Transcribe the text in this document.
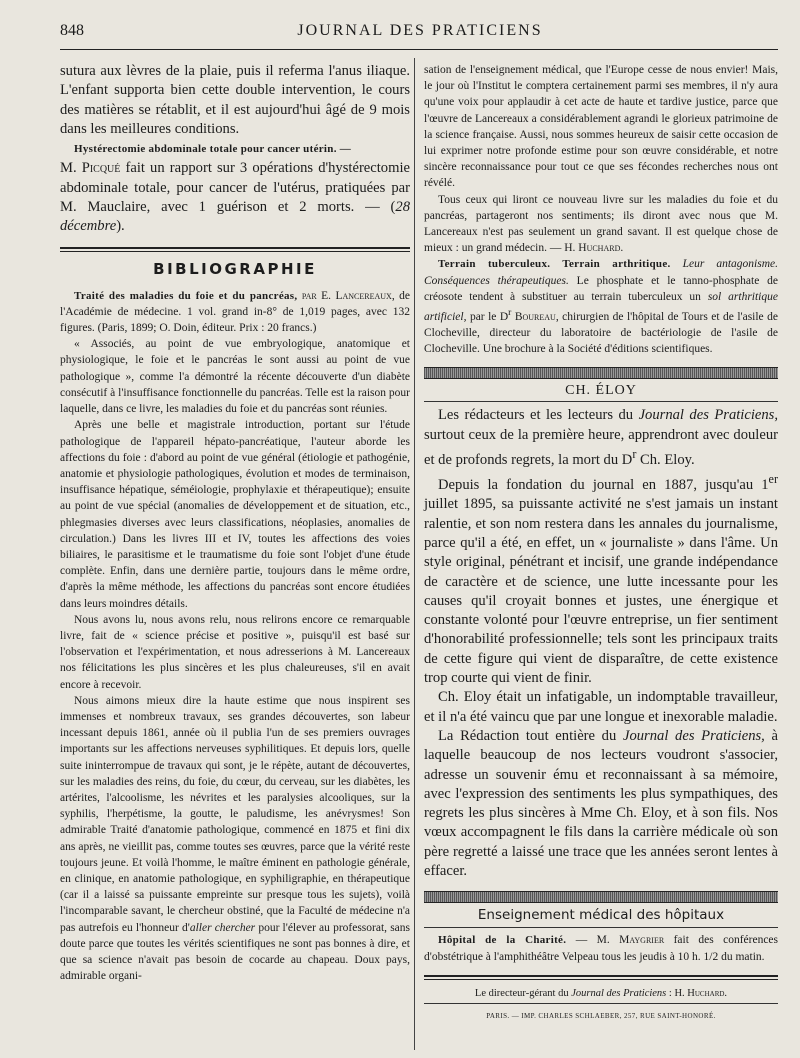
848	JOURNAL DES PRATICIENS

sutura aux lèvres de la plaie, puis il referma l'anus iliaque. L'enfant supporta bien cette double intervention, le cours des matières se rétablit, et il est aujourd'hui âgé de 9 mois dans les meilleures conditions.

Hystérectomie abdominale totale pour cancer utérin. —
M. Picqué fait un rapport sur 3 opérations d'hystérectomie abdominale totale, pour cancer de l'utérus, pratiquées par M. Mauclaire, avec 1 guérison et 2 morts. — (28 décembre).

BIBLIOGRAPHIE

Traité des maladies du foie et du pancréas, par E. Lancereaux, de l'Académie de médecine. 1 vol. grand in-8° de 1,019 pages, avec 132 figures. (Paris, 1899; O. Doin, éditeur. Prix : 20 francs.)

« Associés, au point de vue embryologique, anatomique et physiologique, le foie et le pancréas le sont aussi au point de vue pathologique », comme l'a démontré la récente découverte d'un diabète consécutif à l'insuffisance fonctionnelle du pancréas. Telle est la raison pour laquelle, dans ce livre, les maladies du foie et du pancréas sont réunies.

Après une belle et magistrale introduction, portant sur l'étude pathologique de l'appareil hépato-pancréatique, l'auteur aborde les affections du foie : d'abord au point de vue général (étiologie et pathogénie, anatomie et physiologie pathologiques, évolution et modes de terminaison, insuffisance hépatique, séméiologie, prophylaxie et thérapeutique); ensuite au point de vue spécial (anomalies de développement et de situation, etc., phlegmasies diverses avec leurs classifications, néoplasies, anomalies de circulation.) Dans les livres III et IV, toutes les affections des voies biliaires, le parasitisme et le traumatisme du foie sont l'objet d'une étude complète. Enfin, dans une dernière partie, toujours dans le même ordre, d'après la même méthode, les affections du pancréas sont encore étudiées dans leurs moindres détails.

Nous avons lu, nous avons relu, nous relirons encore ce remarquable livre, fait de « science précise et positive », puisqu'il est basé sur l'observation et l'expérimentation, et nous adresserions à M. Lancereaux nos félicitations les plus sincères et les plus chaleureuses, s'il en avait encore à recevoir.

Nous aimons mieux dire la haute estime que nous inspirent ses immenses et nombreux travaux, ses grandes découvertes, son labeur incessant depuis 1861, année où il publia l'un de ses premiers ouvrages importants sur les affections nerveuses syphilitiques. Et depuis lors, quelle suite ininterrompue de travaux qui sont, je le répète, autant de découvertes, sur les maladies des reins, du foie, du cœur, du cerveau, sur les diabètes, les artérites, l'alcoolisme, les névrites et les paralysies alcooliques, sur la syphilis, l'herpétisme, la goutte, le paludisme, les anévrysmes! Son admirable Traité d'anatomie pathologique, commencé en 1875 et fini dix ans après, ne vieillit pas, comme toutes ses œuvres, parce que la vérité reste toujours jeune. Et voilà l'homme, le maître éminent en pathologie générale, en clinique, en anatomie pathologique, en syphiligraphie, en thérapeutique (car il a laissé sa puissante empreinte sur presque tous les sujets), voilà l'incomparable savant, le chercheur obstiné, que la Faculté de médecine n'a pas autrefois eu l'honneur d'aller chercher pour l'élever au professorat, sans doute parce que toutes les vérités scientifiques ne sont pas bonnes à dire, et que sa science n'avait pas besoin de cocarde au chapeau. Doux pays, admirable organi-

sation de l'enseignement médical, que l'Europe cesse de nous envier! Mais, le jour où l'Institut le comptera certainement parmi ses membres, il n'y aura qu'une voix pour applaudir à cet acte de haute et tardive justice, parce que l'œuvre de Lancereaux a considérablement agrandi le glorieux patrimoine de la science française. Aussi, nous sommes heureux de saisir cette occasion de lui exprimer notre profonde estime pour son œuvre considérable, et notre sincère reconnaissance pour tout ce que ses fécondes recherches nous ont révélé.

Tous ceux qui liront ce nouveau livre sur les maladies du foie et du pancréas, partageront nos sentiments; ils diront avec nous que M. Lancereaux n'est pas seulement un grand savant. Il est quelque chose de mieux : un grand médecin. — H. Huchard.

Terrain tuberculeux. Terrain arthritique. Leur antagonisme. Conséquences thérapeutiques. Le phosphate et le tanno-phosphate de créosote tendent à substituer au terrain tuberculeux un sol arthritique artificiel, par le $D^r$ Boureau, chirurgien de l'hôpital de Tours et de l'asile de Clocheville, directeur du laboratoire de bactériologie de l'asile de Clocheville. Une brochure à la Société d'éditions scientifiques.

CH. ÉLOY

Les rédacteurs et les lecteurs du Journal des Praticiens, surtout ceux de la première heure, apprendront avec douleur et de profonds regrets, la mort du $D^r$ Ch. Eloy.

Depuis la fondation du journal en 1887, jusqu'au 1er juillet 1895, sa puissante activité ne s'est jamais un instant ralentie, et son nom restera dans les annales du journalisme, parce qu'il a été, en effet, un « journaliste » dans l'âme. Un style original, pénétrant et incisif, une grande indépendance de caractère et de science, une lutte incessante pour les causes qu'il croyait bonnes et justes, une énergique et constante volonté pour l'œuvre entreprise, un fier sentiment d'honorabilité professionnelle; tels sont les principaux traits de cette figure qui vient de disparaître, de cette existence trop courte qui vient de finir.

Ch. Eloy était un infatigable, un indomptable travailleur, et il n'a été vaincu que par une longue et inexorable maladie.

La Rédaction tout entière du Journal des Praticiens, à laquelle beaucoup de nos lecteurs voudront s'associer, adresse un souvenir ému et reconnaissant à sa mémoire, avec l'expression des sentiments les plus sympathiques, des regrets les plus sincères à Mme Ch. Eloy, et à son fils. Nos vœux accompagnent le fils dans la carrière médicale où son père regretté a laissé une trace que les années seront lentes à effacer.

Enseignement médical des hôpitaux

Hôpital de la Charité. — M. Maygrier fait des conférences d'obstétrique à l'amphithéâtre Velpeau tous les jeudis à 10 h. 1/2 du matin.

Le directeur-gérant du Journal des Praticiens : H. Huchard.
PARIS. — IMP. CHARLES SCHLAEBER, 257, RUE SAINT-HONORÉ.
